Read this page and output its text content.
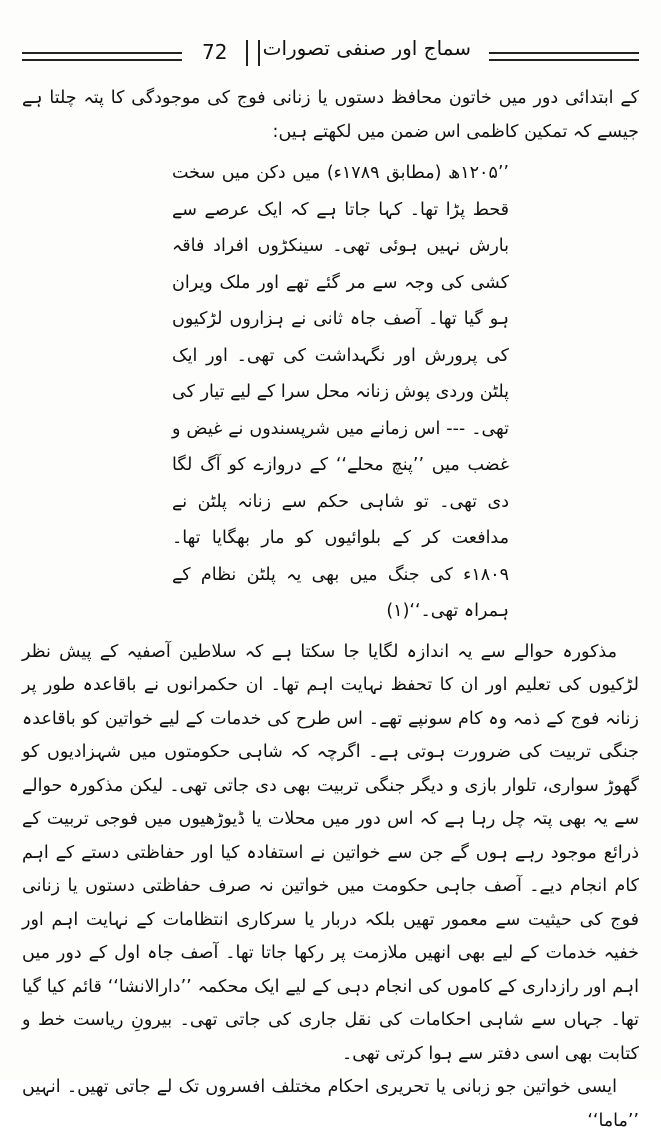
72 سماج اور صنفی تصورات

کے ابتدائی دور میں خاتون محافظ دستوں یا زنانی فوج کی موجودگی کا پتہ چلتا ہے جیسے کہ تمکین کاظمی اس ضمن میں لکھتے ہیں:

’’۱۲۰۵ھ (مطابق ۱۷۸۹ء) میں دکن میں سخت قحط پڑا تھا۔ کہا جاتا ہے کہ ایک عرصے سے بارش نہیں ہوئی تھی۔ سینکڑوں افراد فاقہ کشی کی وجہ سے مر گئے تھے اور ملک ویران ہو گیا تھا۔ آصف جاہ ثانی نے ہزاروں لڑکیوں کی پرورش اور نگہداشت کی تھی۔ اور ایک پلٹن وردی پوش زنانہ محل سرا کے لیے تیار کی تھی۔ --- اس زمانے میں شرپسندوں نے غیض و غضب میں ’’پنچ محلے‘‘ کے دروازے کو آگ لگا دی تھی۔ تو شاہی حکم سے زنانہ پلٹن نے مدافعت کر کے بلوائیوں کو مار بھگایا تھا۔ ۱۸۰۹ء کی جنگ میں بھی یہ پلٹن نظام کے ہمراہ تھی۔‘‘(۱)

مذکورہ حوالے سے یہ اندازہ لگایا جا سکتا ہے کہ سلاطین آصفیہ کے پیش نظر لڑکیوں کی تعلیم اور ان کا تحفظ نہایت اہم تھا۔ ان حکمرانوں نے باقاعدہ طور پر زنانہ فوج کے ذمہ وہ کام سونپے تھے۔ اس طرح کی خدمات کے لیے خواتین کو باقاعدہ جنگی تربیت کی ضرورت ہوتی ہے۔ اگرچہ کہ شاہی حکومتوں میں شہزادیوں کو گھوڑ سواری، تلوار بازی و دیگر جنگی تربیت بھی دی جاتی تھی۔ لیکن مذکورہ حوالے سے یہ بھی پتہ چل رہا ہے کہ اس دور میں محلات یا ڈیوڑھیوں میں فوجی تربیت کے ذرائع موجود رہے ہوں گے جن سے خواتین نے استفادہ کیا اور حفاظتی دستے کے اہم کام انجام دیے۔ آصف جاہی حکومت میں خواتین نہ صرف حفاظتی دستوں یا زنانی فوج کی حیثیت سے معمور تھیں بلکہ دربار یا سرکاری انتظامات کے نہایت اہم اور خفیہ خدمات کے لیے بھی انھیں ملازمت پر رکھا جاتا تھا۔ آصف جاہ اول کے دور میں اہم اور رازداری کے کاموں کی انجام دہی کے لیے ایک محکمہ ’’دارالانشا‘‘ قائم کیا گیا تھا۔ جہاں سے شاہی احکامات کی نقل جاری کی جاتی تھی۔ بیرونِ ریاست خط و کتابت بھی اسی دفتر سے ہوا کرتی تھی۔

ایسی خواتین جو زبانی یا تحریری احکام مختلف افسروں تک لے جاتی تھیں۔ انہیں ’’ماما‘‘
